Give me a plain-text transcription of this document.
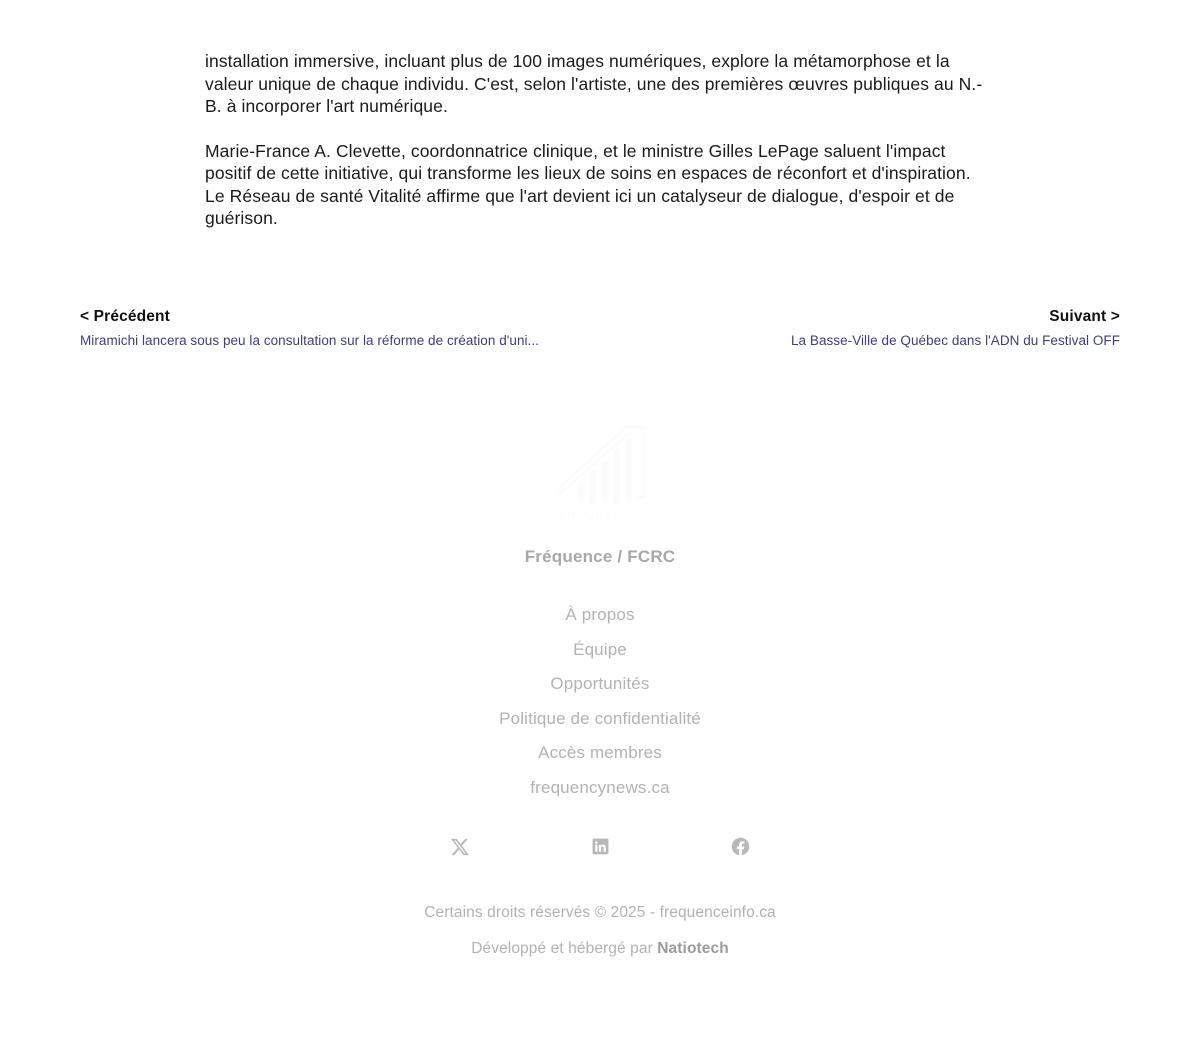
installation immersive, incluant plus de 100 images numériques, explore la métamorphose et la valeur unique de chaque individu. C'est, selon l'artiste, une des premières œuvres publiques au N.-B. à incorporer l'art numérique.

Marie-France A. Clevette, coordonnatrice clinique, et le ministre Gilles LePage saluent l'impact positif de cette initiative, qui transforme les lieux de soins en espaces de réconfort et d'inspiration. Le Réseau de santé Vitalité affirme que l'art devient ici un catalyseur de dialogue, d'espoir et de guérison.

< Précédent
Miramichi lancera sous peu la consultation sur la réforme de création d'uni...
Suivant >
La Basse-Ville de Québec dans l'ADN du Festival OFF
FRÉQUENCE
Fréquence / FCRC
À propos
Équipe
Opportunités
Politique de confidentialité
Accès membres
frequencynews.ca
Certains droits réservés © 2025 - frequenceinfo.ca
Développé et hébergé par Natiotech
